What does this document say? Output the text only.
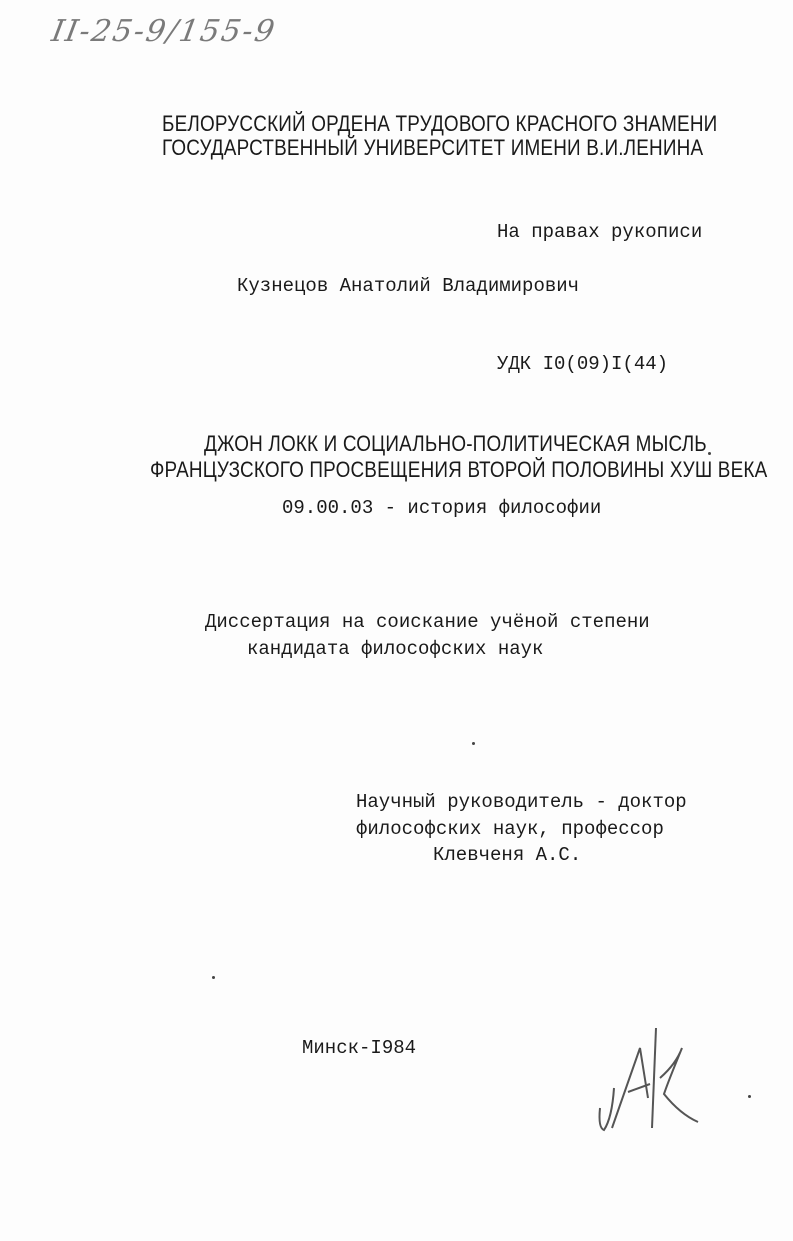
II-25-9/155-9
БЕЛОРУССКИЙ ОРДЕНА ТРУДОВОГО КРАСНОГО ЗНАМЕНИ
ГОСУДАРСТВЕННЫЙ УНИВЕРСИТЕТ ИМЕНИ В.И.ЛЕНИНА
На правах рукописи
Кузнецов Анатолий Владимирович
УДК I0(09)I(44)
ДЖОН ЛОКК И СОЦИАЛЬНО-ПОЛИТИЧЕСКАЯ МЫСЛЬ
ФРАНЦУЗСКОГО ПРОСВЕЩЕНИЯ ВТОРОЙ ПОЛОВИНЫ ХУШ ВЕКА
09.00.03 - история философии
Диссертация на соискание учёной степени
кандидата философских наук
Научный руководитель - доктор
философских наук, профессор
Клевченя А.С.
Минск-I984
